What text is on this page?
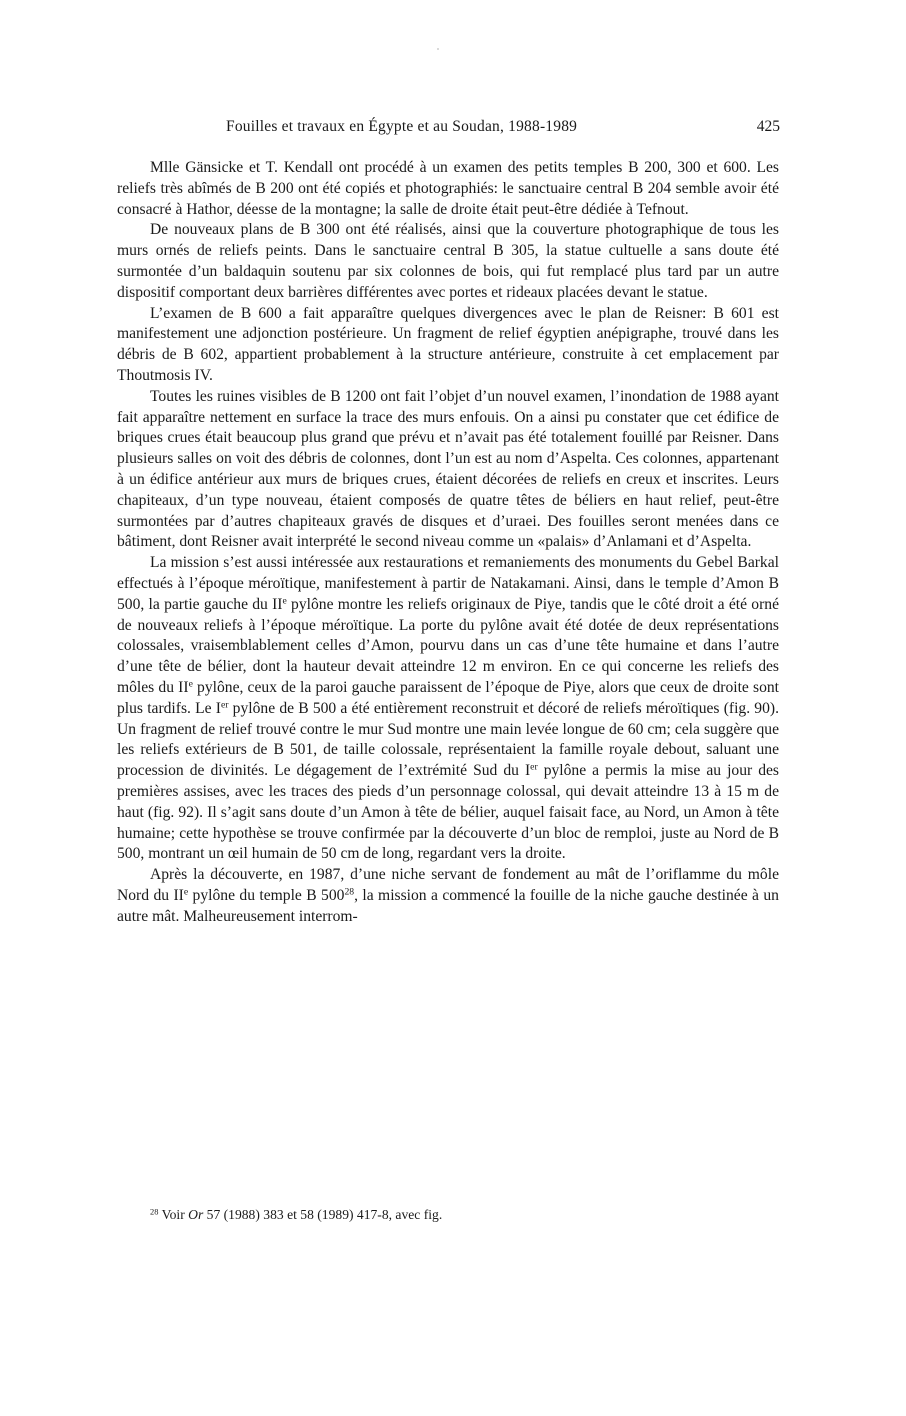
Fouilles et travaux en Égypte et au Soudan, 1988-1989	425

Mlle Gänsicke et T. Kendall ont procédé à un examen des petits temples B 200, 300 et 600. Les reliefs très abîmés de B 200 ont été copiés et photographiés: le sanctuaire central B 204 semble avoir été consacré à Hathor, déesse de la montagne; la salle de droite était peut-être dédiée à Tefnout.

De nouveaux plans de B 300 ont été réalisés, ainsi que la couverture photographique de tous les murs ornés de reliefs peints. Dans le sanctuaire central B 305, la statue cultuelle a sans doute été surmontée d’un baldaquin soutenu par six colonnes de bois, qui fut remplacé plus tard par un autre dispositif comportant deux barrières différentes avec portes et rideaux placées devant le statue.

L’examen de B 600 a fait apparaître quelques divergences avec le plan de Reisner: B 601 est manifestement une adjonction postérieure. Un fragment de relief égyptien anépigraphe, trouvé dans les débris de B 602, appartient probablement à la structure antérieure, construite à cet emplacement par Thoutmosis IV.

Toutes les ruines visibles de B 1200 ont fait l’objet d’un nouvel examen, l’inondation de 1988 ayant fait apparaître nettement en surface la trace des murs enfouis. On a ainsi pu constater que cet édifice de briques crues était beaucoup plus grand que prévu et n’avait pas été totalement fouillé par Reisner. Dans plusieurs salles on voit des débris de colonnes, dont l’un est au nom d’Aspelta. Ces colonnes, appartenant à un édifice antérieur aux murs de briques crues, étaient décorées de reliefs en creux et inscrites. Leurs chapiteaux, d’un type nouveau, étaient composés de quatre têtes de béliers en haut relief, peut-être surmontées par d’autres chapiteaux gravés de disques et d’uraei. Des fouilles seront menées dans ce bâtiment, dont Reisner avait interprété le second niveau comme un «palais» d’Anlamani et d’Aspelta.

La mission s’est aussi intéressée aux restaurations et remaniements des monuments du Gebel Barkal effectués à l’époque méroïtique, manifestement à partir de Natakamani. Ainsi, dans le temple d’Amon B 500, la partie gauche du IIe pylône montre les reliefs originaux de Piye, tandis que le côté droit a été orné de nouveaux reliefs à l’époque méroïtique. La porte du pylône avait été dotée de deux représentations colossales, vraisemblablement celles d’Amon, pourvu dans un cas d’une tête humaine et dans l’autre d’une tête de bélier, dont la hauteur devait atteindre 12 m environ. En ce qui concerne les reliefs des môles du IIe pylône, ceux de la paroi gauche paraissent de l’époque de Piye, alors que ceux de droite sont plus tardifs. Le Ier pylône de B 500 a été entièrement reconstruit et décoré de reliefs méroïtiques (fig. 90). Un fragment de relief trouvé contre le mur Sud montre une main levée longue de 60 cm; cela suggère que les reliefs extérieurs de B 501, de taille colossale, représentaient la famille royale debout, saluant une procession de divinités. Le dégagement de l’extrémité Sud du Ier pylône a permis la mise au jour des premières assises, avec les traces des pieds d’un personnage colossal, qui devait atteindre 13 à 15 m de haut (fig. 92). Il s’agit sans doute d’un Amon à tête de bélier, auquel faisait face, au Nord, un Amon à tête humaine; cette hypothèse se trouve confirmée par la découverte d’un bloc de remploi, juste au Nord de B 500, montrant un œil humain de 50 cm de long, regardant vers la droite.

Après la découverte, en 1987, d’une niche servant de fondement au mât de l’oriflamme du môle Nord du IIe pylône du temple B $500^{28}$, la mission a commencé la fouille de la niche gauche destinée à un autre mât. Malheureusement interrom-

$^{28}$ Voir Or 57 (1988) 383 et 58 (1989) 417-8, avec fig.
